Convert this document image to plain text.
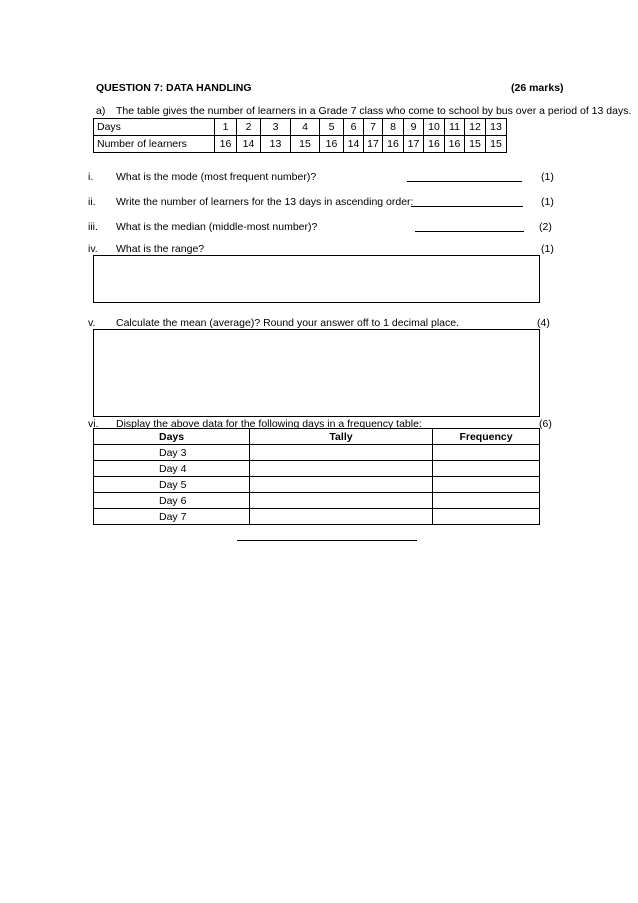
QUESTION 7: DATA HANDLING	(26 marks)
a) The table gives the number of learners in a Grade 7 class who come to school by bus over a period of 13 days.
Days	1	2	3	4	5	6	7	8	9	10	11	12	13
Number of learners	16	14	13	15	16	14	17	16	17	16	16	15	15
i. What is the mode (most frequent number)?	(1)
ii. Write the number of learners for the 13 days in ascending order:	(1)
iii. What is the median (middle-most number)?	(2)
iv. What is the range?	(1)
v. Calculate the mean (average)? Round your answer off to 1 decimal place.	(4)
vi. Display the above data for the following days in a frequency table:	(6)
Days	Tally	Frequency
Day 3		
Day 4		
Day 5		
Day 6		
Day 7		
